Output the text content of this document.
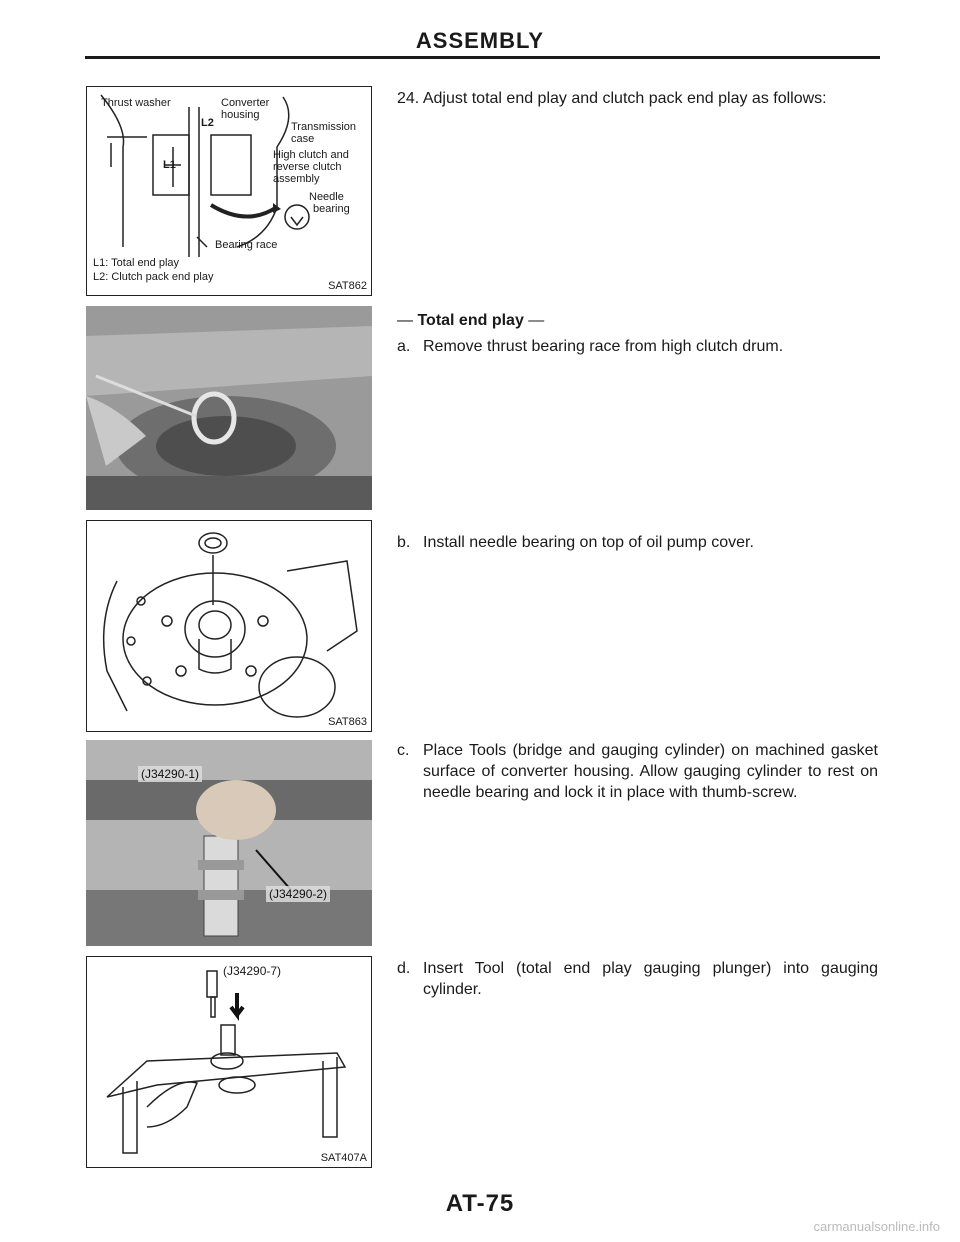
ASSEMBLY
Thrust washer	Converter
housing
Transmission
case
High clutch and
reverse clutch
assembly
Needle
bearing
Bearing race
L1
L2
L1: Total end play
L2: Clutch pack end play
SAT862
SAT863
(J34290-1)
(J34290-2)
(J34290-7)
SAT407A
24. Adjust total end play and clutch pack end play as follows:
— Total end play —
a. Remove thrust bearing race from high clutch drum.
b. Install needle bearing on top of oil pump cover.
c. Place Tools (bridge and gauging cylinder) on machined gasket surface of converter housing. Allow gauging cylinder to rest on needle bearing and lock it in place with thumb-screw.
d. Insert Tool (total end play gauging plunger) into gauging cylinder.
AT-75
carmanualsonline.info
